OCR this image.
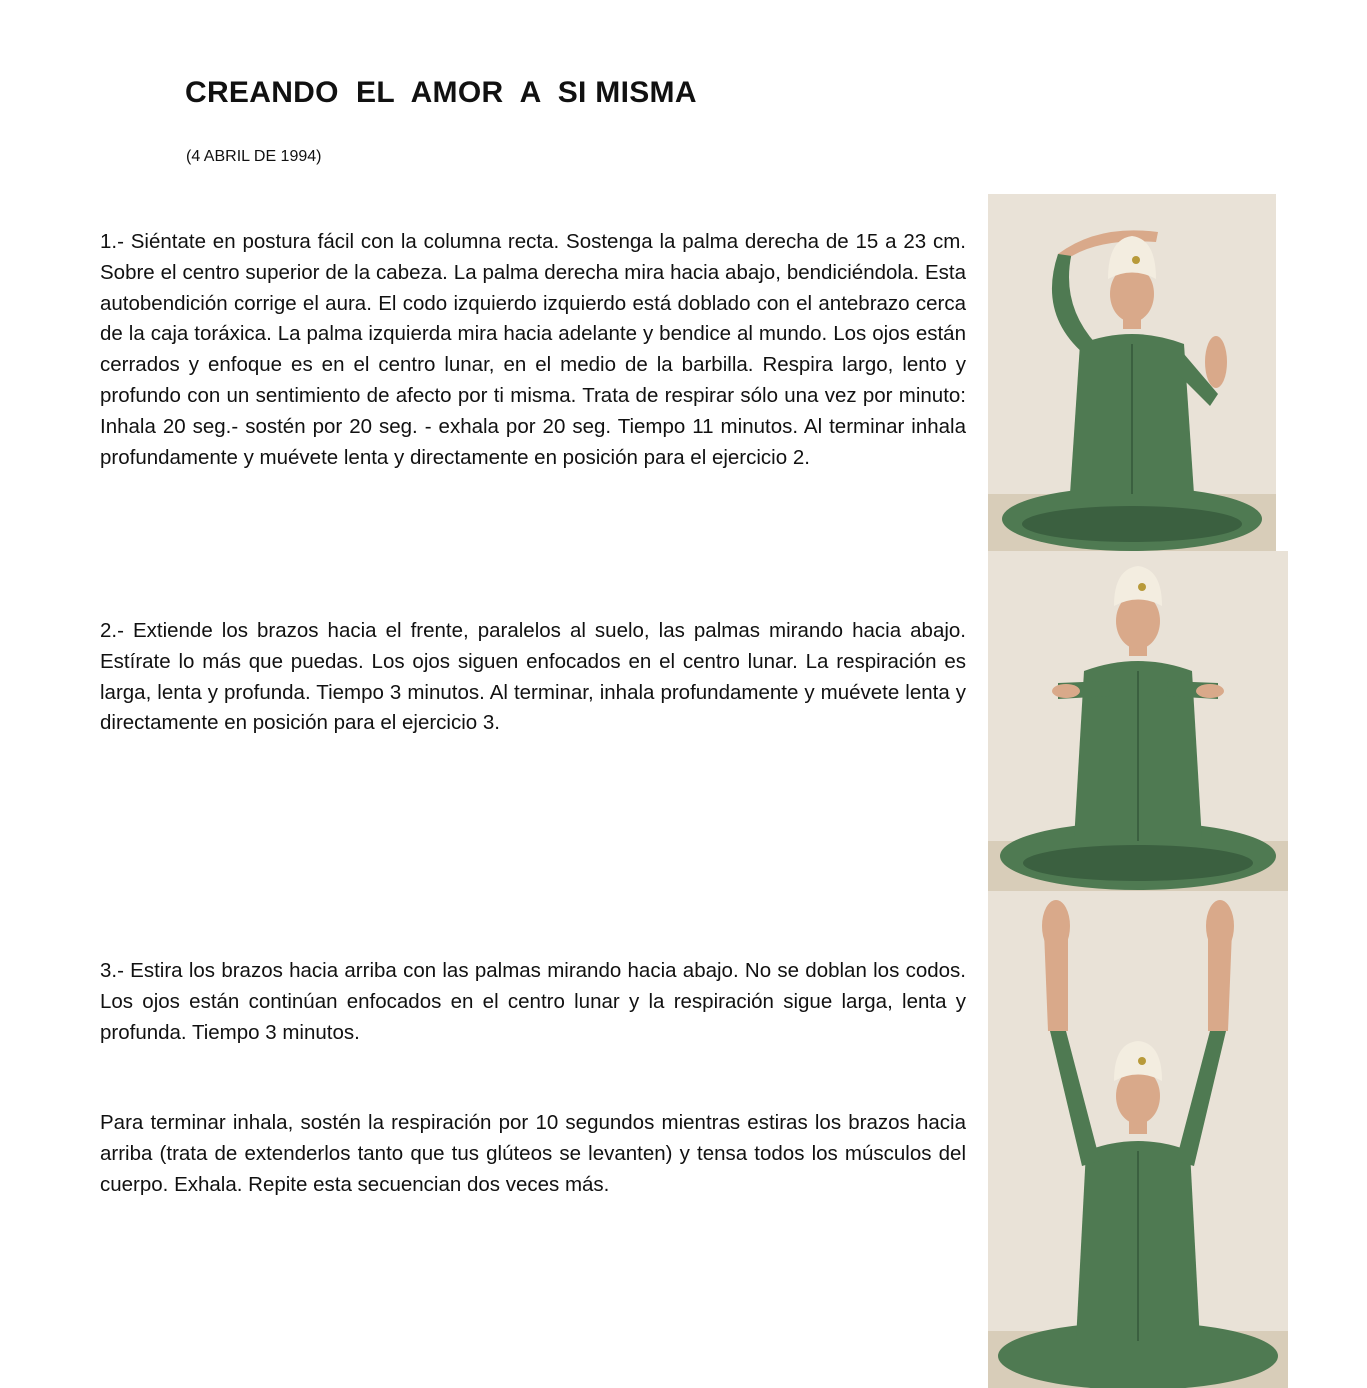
CREANDO  EL  AMOR  A  SI MISMA
(4 ABRIL DE 1994)

1.- Siéntate en postura fácil con la columna recta. Sostenga la palma derecha de 15 a 23 cm. Sobre el centro superior de la cabeza. La palma derecha mira hacia abajo, bendiciéndola. Esta autobendición corrige el aura. El codo izquierdo izquierdo está doblado con el antebrazo cerca de la caja toráxica. La palma izquierda mira hacia adelante y bendice al mundo. Los ojos están cerrados y enfoque es en el centro lunar, en el medio de la barbilla. Respira largo, lento y profundo con un sentimiento de afecto por ti misma. Trata de respirar sólo una vez por minuto: Inhala 20 seg.- sostén por 20 seg. - exhala por 20 seg. Tiempo 11 minutos. Al terminar inhala profundamente y muévete lenta y directamente en posición para el ejercicio 2.

2.- Extiende los brazos hacia el frente, paralelos al suelo, las palmas mirando hacia abajo. Estírate lo más que puedas. Los ojos siguen enfocados en el centro lunar. La respiración es larga, lenta y profunda. Tiempo 3 minutos. Al terminar, inhala profundamente y muévete lenta y directamente en posición para el ejercicio 3.

3.- Estira los brazos hacia arriba con las palmas mirando hacia abajo. No se doblan los codos. Los ojos están continúan enfocados en el centro lunar y la respiración sigue larga, lenta y profunda. Tiempo 3 minutos.

Para terminar inhala, sostén la respiración por 10 segundos mientras estiras los brazos hacia arriba (trata de extenderlos tanto que tus glúteos se levanten) y tensa todos los músculos del cuerpo. Exhala. Repite esta secuencian dos veces más.
